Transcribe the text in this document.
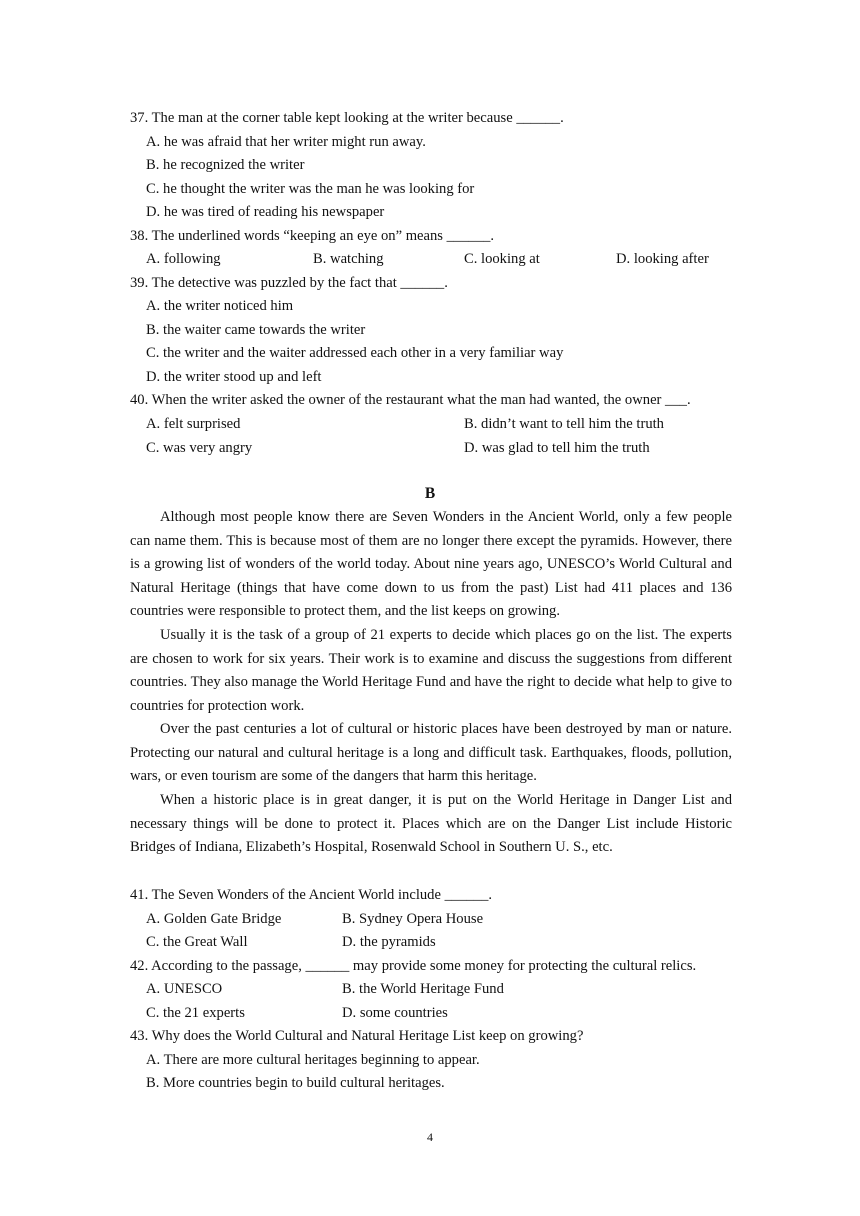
37. The man at the corner table kept looking at the writer because ______.
A. he was afraid that her writer might run away.
B. he recognized the writer
C. he thought the writer was the man he was looking for
D. he was tired of reading his newspaper
38. The underlined words “keeping an eye on” means ______.
A. following	B. watching	C. looking at	D. looking after
39. The detective was puzzled by the fact that ______.
A. the writer noticed him
B. the waiter came towards the writer
C. the writer and the waiter addressed each other in a very familiar way
D. the writer stood up and left
40. When the writer asked the owner of the restaurant what the man had wanted, the owner ___.
A. felt surprised	B. didn’t want to tell him the truth
C. was very angry	D. was glad to tell him the truth
B
Although most people know there are Seven Wonders in the Ancient World, only a few people can name them. This is because most of them are no longer there except the pyramids. However, there is a growing list of wonders of the world today. About nine years ago, UNESCO’s World Cultural and Natural Heritage (things that have come down to us from the past) List had 411 places and 136 countries were responsible to protect them, and the list keeps on growing.
Usually it is the task of a group of 21 experts to decide which places go on the list. The experts are chosen to work for six years. Their work is to examine and discuss the suggestions from different countries. They also manage the World Heritage Fund and have the right to decide what help to give to countries for protection work.
Over the past centuries a lot of cultural or historic places have been destroyed by man or nature. Protecting our natural and cultural heritage is a long and difficult task. Earthquakes, floods, pollution, wars, or even tourism are some of the dangers that harm this heritage.
When a historic place is in great danger, it is put on the World Heritage in Danger List and necessary things will be done to protect it. Places which are on the Danger List include Historic Bridges of Indiana, Elizabeth’s Hospital, Rosenwald School in Southern U. S., etc.
41. The Seven Wonders of the Ancient World include ______.
A. Golden Gate Bridge	B. Sydney Opera House
C. the Great Wall	D. the pyramids
42. According to the passage, ______ may provide some money for protecting the cultural relics.
A. UNESCO	B. the World Heritage Fund
C. the 21 experts	D. some countries
43. Why does the World Cultural and Natural Heritage List keep on growing?
A. There are more cultural heritages beginning to appear.
B. More countries begin to build cultural heritages.
4
